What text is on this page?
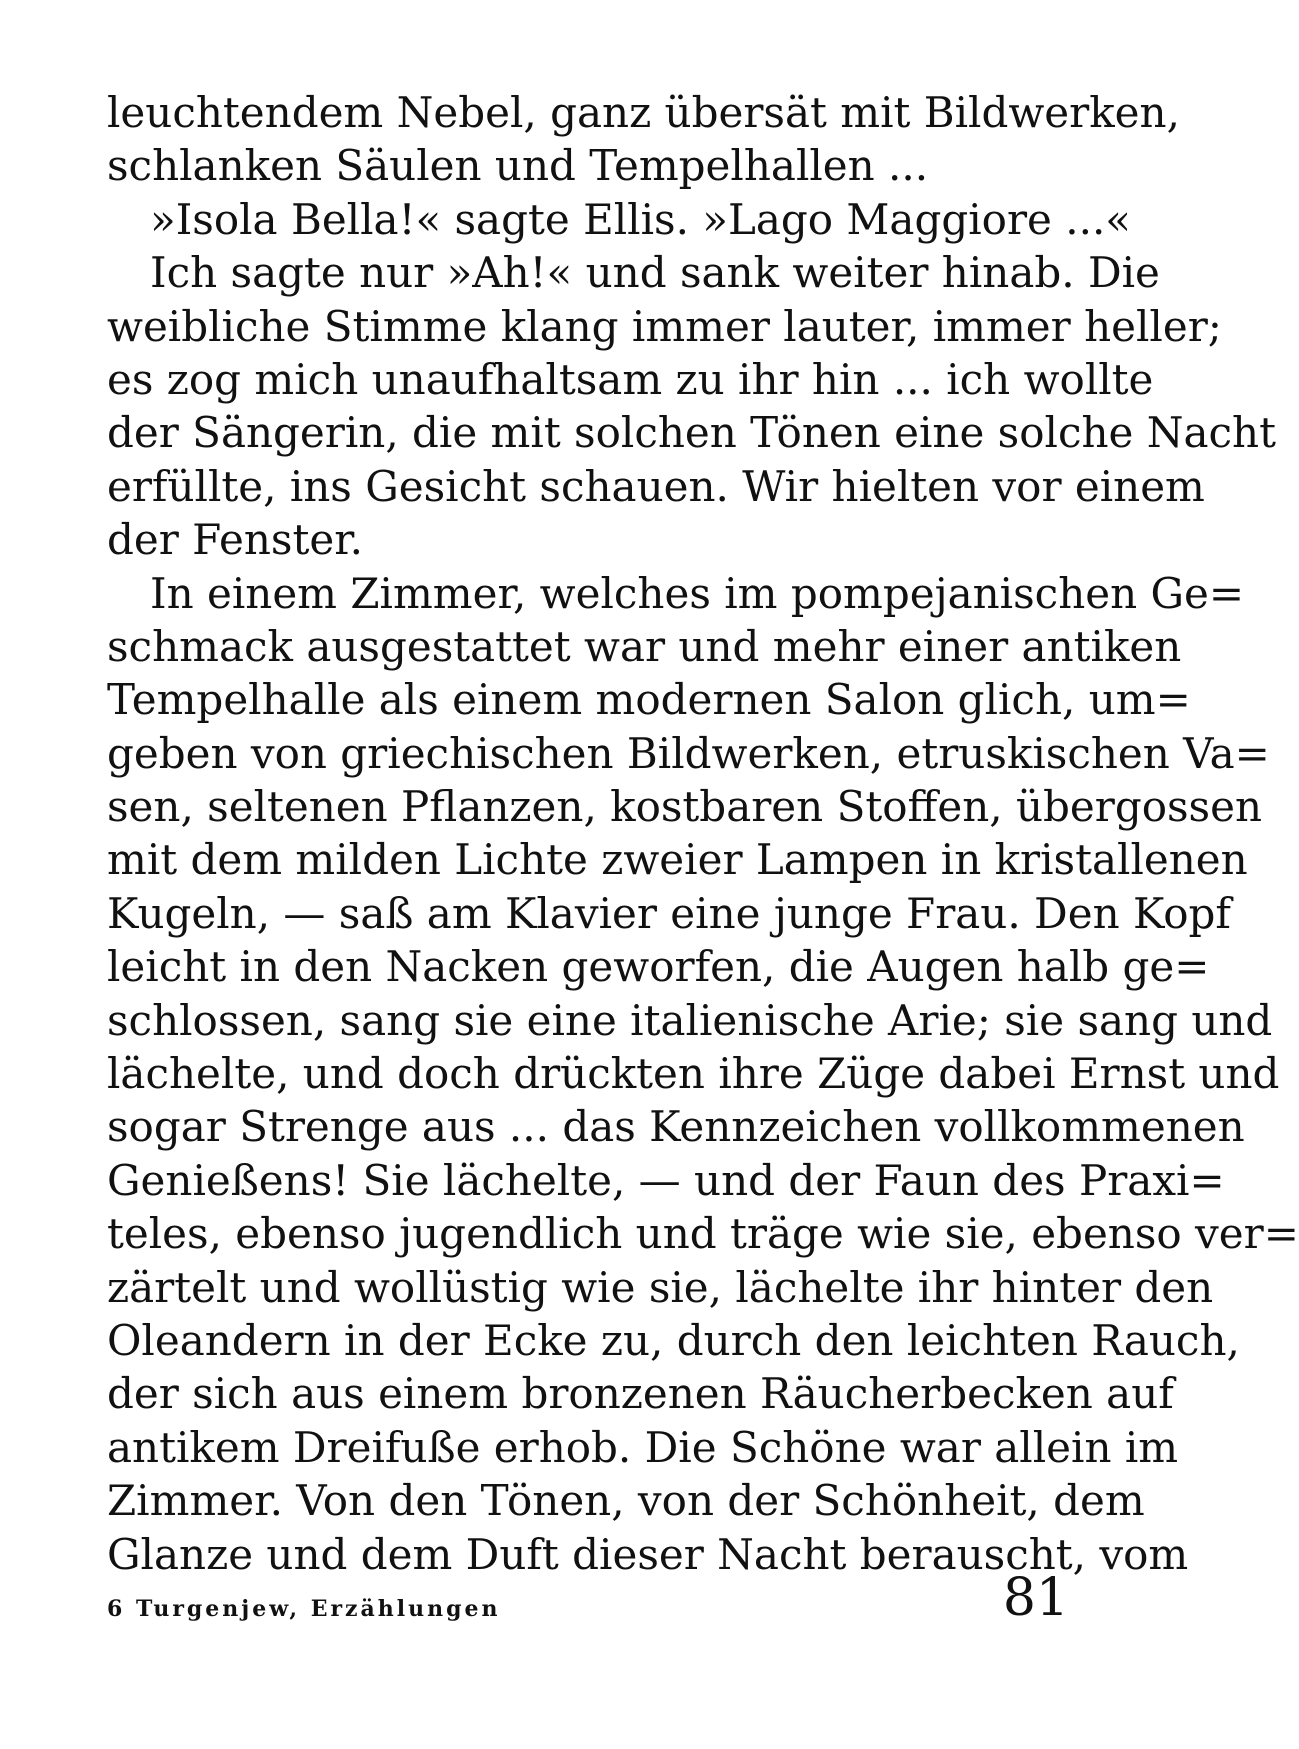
leuchtendem Nebel, ganz übersät mit Bildwerken,
schlanken Säulen und Tempelhallen ...
»Isola Bella!« sagte Ellis. »Lago Maggiore ...«
Ich sagte nur »Ah!« und sank weiter hinab. Die
weibliche Stimme klang immer lauter, immer heller;
es zog mich unaufhaltsam zu ihr hin ... ich wollte
der Sängerin, die mit solchen Tönen eine solche Nacht
erfüllte, ins Gesicht schauen. Wir hielten vor einem
der Fenster.
In einem Zimmer, welches im pompejanischen Ge=
schmack ausgestattet war und mehr einer antiken
Tempelhalle als einem modernen Salon glich, um=
geben von griechischen Bildwerken, etruskischen Va=
sen, seltenen Pflanzen, kostbaren Stoffen, übergossen
mit dem milden Lichte zweier Lampen in kristallenen
Kugeln, — saß am Klavier eine junge Frau. Den Kopf
leicht in den Nacken geworfen, die Augen halb ge=
schlossen, sang sie eine italienische Arie; sie sang und
lächelte, und doch drückten ihre Züge dabei Ernst und
sogar Strenge aus ... das Kennzeichen vollkommenen
Genießens! Sie lächelte, — und der Faun des Praxi=
teles, ebenso jugendlich und träge wie sie, ebenso ver=
zärtelt und wollüstig wie sie, lächelte ihr hinter den
Oleandern in der Ecke zu, durch den leichten Rauch,
der sich aus einem bronzenen Räucherbecken auf
antikem Dreifuße erhob. Die Schöne war allein im
Zimmer. Von den Tönen, von der Schönheit, dem
Glanze und dem Duft dieser Nacht berauscht, vom
6 Turgenjew, Erzählungen	81
